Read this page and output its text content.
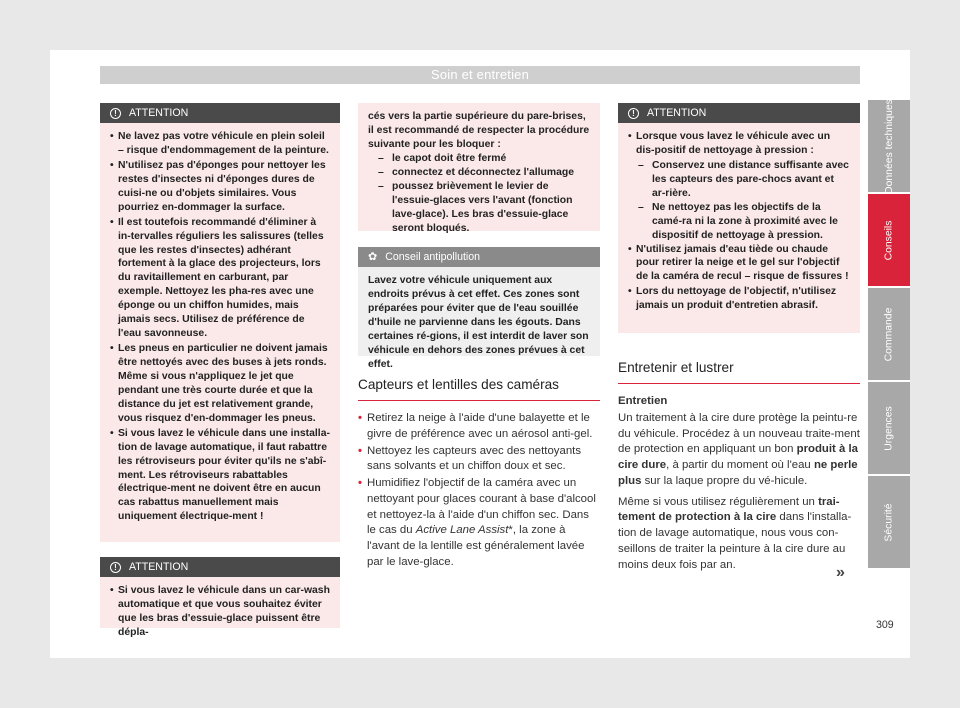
Soin et entretien
!	ATTENTION
• Ne lavez pas votre véhicule en plein soleil – risque d'endommagement de la peinture.
• N'utilisez pas d'éponges pour nettoyer les restes d'insectes ni d'éponges dures de cuisi-ne ou d'objets similaires. Vous pourriez en-dommager la surface.
• Il est toutefois recommandé d'éliminer à in-tervalles réguliers les salissures (telles que les restes d'insectes) adhérant fortement à la glace des projecteurs, lors du ravitaillement en carburant, par exemple. Nettoyez les pha-res avec une éponge ou un chiffon humides, mais jamais secs. Utilisez de préférence de l'eau savonneuse.
• Les pneus en particulier ne doivent jamais être nettoyés avec des buses à jets ronds. Même si vous n'appliquez le jet que pendant une très courte durée et que la distance du jet est relativement grande, vous risquez d'en-dommager les pneus.
• Si vous lavez le véhicule dans une installa-tion de lavage automatique, il faut rabattre les rétroviseurs pour éviter qu'ils ne s'abî-ment. Les rétroviseurs rabattables électrique-ment ne doivent être en aucun cas rabattus manuellement mais uniquement électrique-ment !
!	ATTENTION
• Si vous lavez le véhicule dans un car-wash automatique et que vous souhaitez éviter que les bras d'essuie-glace puissent être dépla-
cés vers la partie supérieure du pare-brises, il est recommandé de respecter la procédure suivante pour les bloquer :
– le capot doit être fermé
– connectez et déconnectez l'allumage
– poussez brièvement le levier de l'essuie-glaces vers l'avant (fonction lave-glace). Les bras d'essuie-glace seront bloqués.
✿ Conseil antipollution
Lavez votre véhicule uniquement aux endroits prévus à cet effet. Ces zones sont préparées pour éviter que de l'eau souillée d'huile ne parvienne dans les égouts. Dans certaines ré-gions, il est interdit de laver son véhicule en dehors des zones prévues à cet effet.
Capteurs et lentilles des caméras
• Retirez la neige à l'aide d'une balayette et le givre de préférence avec un aérosol anti-gel.
• Nettoyez les capteurs avec des nettoyants sans solvants et un chiffon doux et sec.
• Humidifiez l'objectif de la caméra avec un nettoyant pour glaces courant à base d'alcool et nettoyez-la à l'aide d'un chiffon sec. Dans le cas du Active Lane Assist*, la zone à l'avant de la lentille est généralement lavée par le lave-glace.
!	ATTENTION
• Lorsque vous lavez le véhicule avec un dis-positif de nettoyage à pression :
– Conservez une distance suffisante avec les capteurs des pare-chocs avant et ar-rière.
– Ne nettoyez pas les objectifs de la camé-ra ni la zone à proximité avec le dispositif de nettoyage à pression.
• N'utilisez jamais d'eau tiède ou chaude pour retirer la neige et le gel sur l'objectif de la caméra de recul – risque de fissures !
• Lors du nettoyage de l'objectif, n'utilisez jamais un produit d'entretien abrasif.
Entretenir et lustrer
Entretien

Un traitement à la cire dure protège la peintu-re du véhicule. Procédez à un nouveau traite-ment de protection en appliquant un bon produit à la cire dure, à partir du moment où l'eau ne perle plus sur la laque propre du vé-hicule.

Même si vous utilisez régulièrement un trai-tement de protection à la cire dans l'installa-tion de lavage automatique, nous vous con-seillons de traiter la peinture à la cire dure au moins deux fois par an.	»
Données techniques
Conseils
Commande
Urgences
Sécurité
309
